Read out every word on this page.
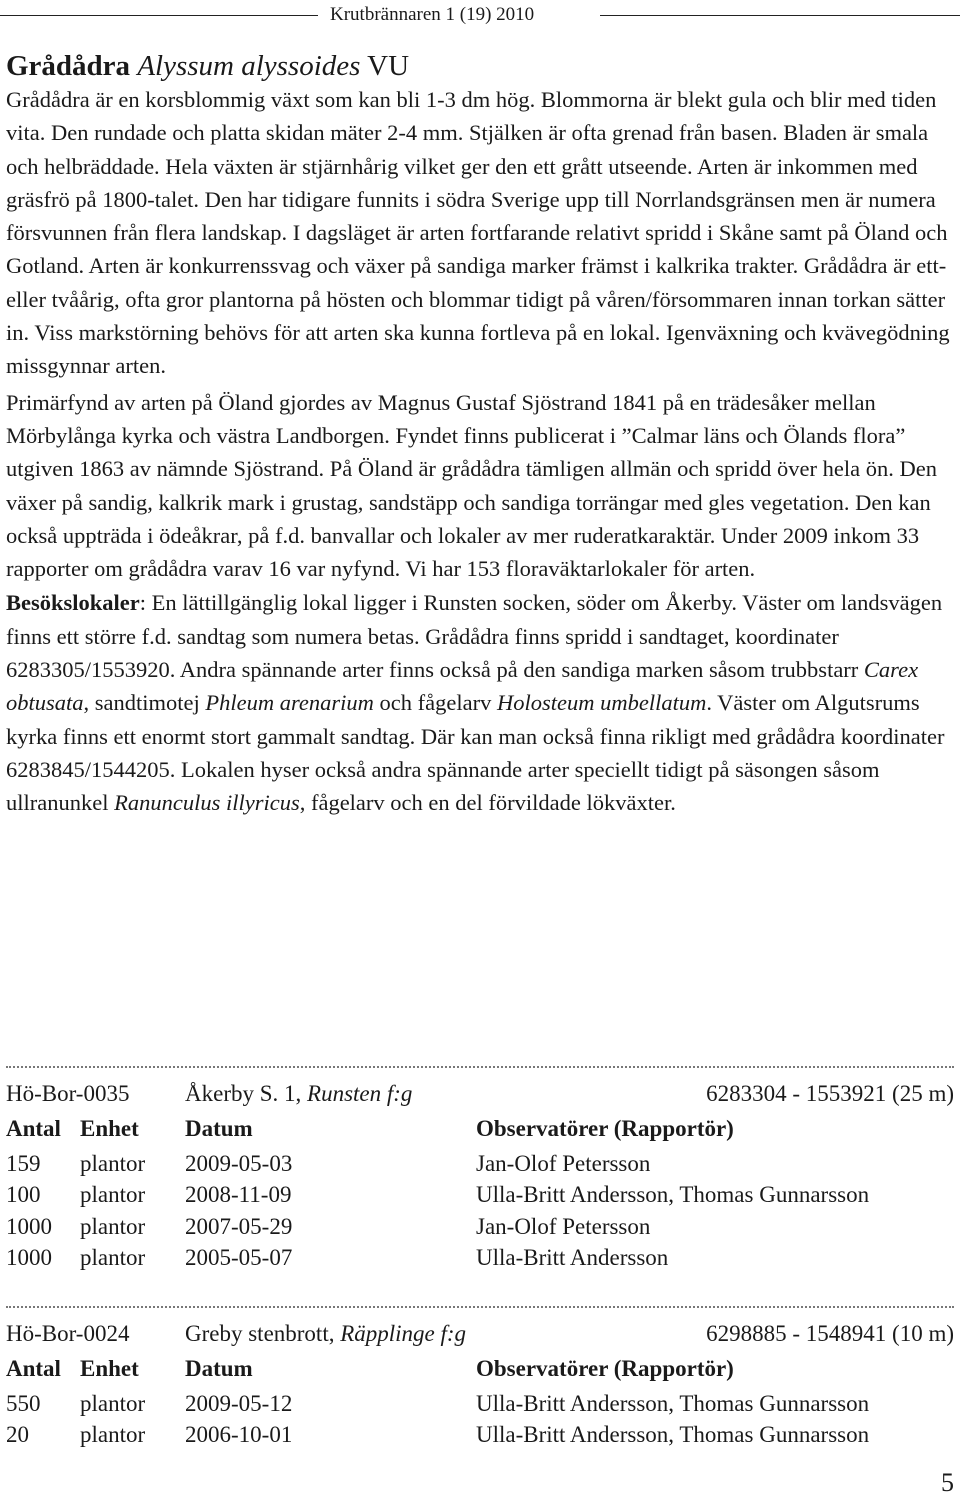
Krutbrännaren 1 (19) 2010
Grådådra Alyssum alyssoides VU

Grådådra är en korsblommig växt som kan bli 1-3 dm hög. Blommorna är blekt gula och blir med tiden vita. Den rundade och platta skidan mäter 2-4 mm. Stjälken är ofta grenad från basen. Bladen är smala och helbräddade. Hela växten är stjärnhårig vilket ger den ett grått utseende. Arten är inkommen med gräsfrö på 1800-talet. Den har tidigare funnits i södra Sverige upp till Norrlandsgränsen men är numera försvunnen från flera landskap. I dagsläget är arten fortfarande relativt spridd i Skåne samt på Öland och Gotland. Arten är konkurrenssvag och växer på sandiga marker främst i kalkrika trakter. Grådådra är ett- eller tvåårig, ofta gror plantorna på hösten och blommar tidigt på våren/försommaren innan torkan sätter in. Viss markstörning behövs för att arten ska kunna fortleva på en lokal. Igenväxning och kvävegödning missgynnar arten.

Primärfynd av arten på Öland gjordes av Magnus Gustaf Sjöstrand 1841 på en trädesåker mellan Mörbylånga kyrka och västra Landborgen. Fyndet finns publicerat i ”Calmar läns och Ölands flora” utgiven 1863 av nämnde Sjöstrand. På Öland är grådådra tämligen allmän och spridd över hela ön. Den växer på sandig, kalkrik mark i grustag, sandstäpp och sandiga torrängar med gles vegetation. Den kan också uppträda i ödeåkrar, på f.d. banvallar och lokaler av mer ruderatkaraktär. Under 2009 inkom 33 rapporter om grådådra varav 16 var nyfynd. Vi har 153 floraväktarlokaler för arten.

Besökslokaler: En lättillgänglig lokal ligger i Runsten socken, söder om Åkerby. Väster om landsvägen finns ett större f.d. sandtag som numera betas. Grådådra finns spridd i sandtaget, koordinater 6283305/1553920. Andra spännande arter finns också på den sandiga marken såsom trubbstarr Carex obtusata, sandtimotej Phleum arenarium och fågelarv Holosteum umbellatum. Väster om Algutsrums kyrka finns ett enormt stort gammalt sandtag. Där kan man också finna rikligt med grådådra koordinater 6283845/1544205. Lokalen hyser också andra spännande arter speciellt tidigt på säsongen såsom ullranunkel Ranunculus illyricus, fågelarv och en del förvildade lökväxter.

Hö-Bor-0035 Åkerby S. 1, Runsten f:g	6283304 - 1553921 (25 m)
Antal Enhet Datum	Observatörer (Rapportör)
159 plantor 2009-05-03	Jan-Olof Petersson
100 plantor 2008-11-09	Ulla-Britt Andersson, Thomas Gunnarsson
1000 plantor 2007-05-29	Jan-Olof Petersson
1000 plantor 2005-05-07	Ulla-Britt Andersson
Hö-Bor-0024 Greby stenbrott, Räpplinge f:g	6298885 - 1548941 (10 m)
Antal Enhet Datum	Observatörer (Rapportör)
550 plantor 2009-05-12	Ulla-Britt Andersson, Thomas Gunnarsson
20 plantor 2006-10-01	Ulla-Britt Andersson, Thomas Gunnarsson
5
